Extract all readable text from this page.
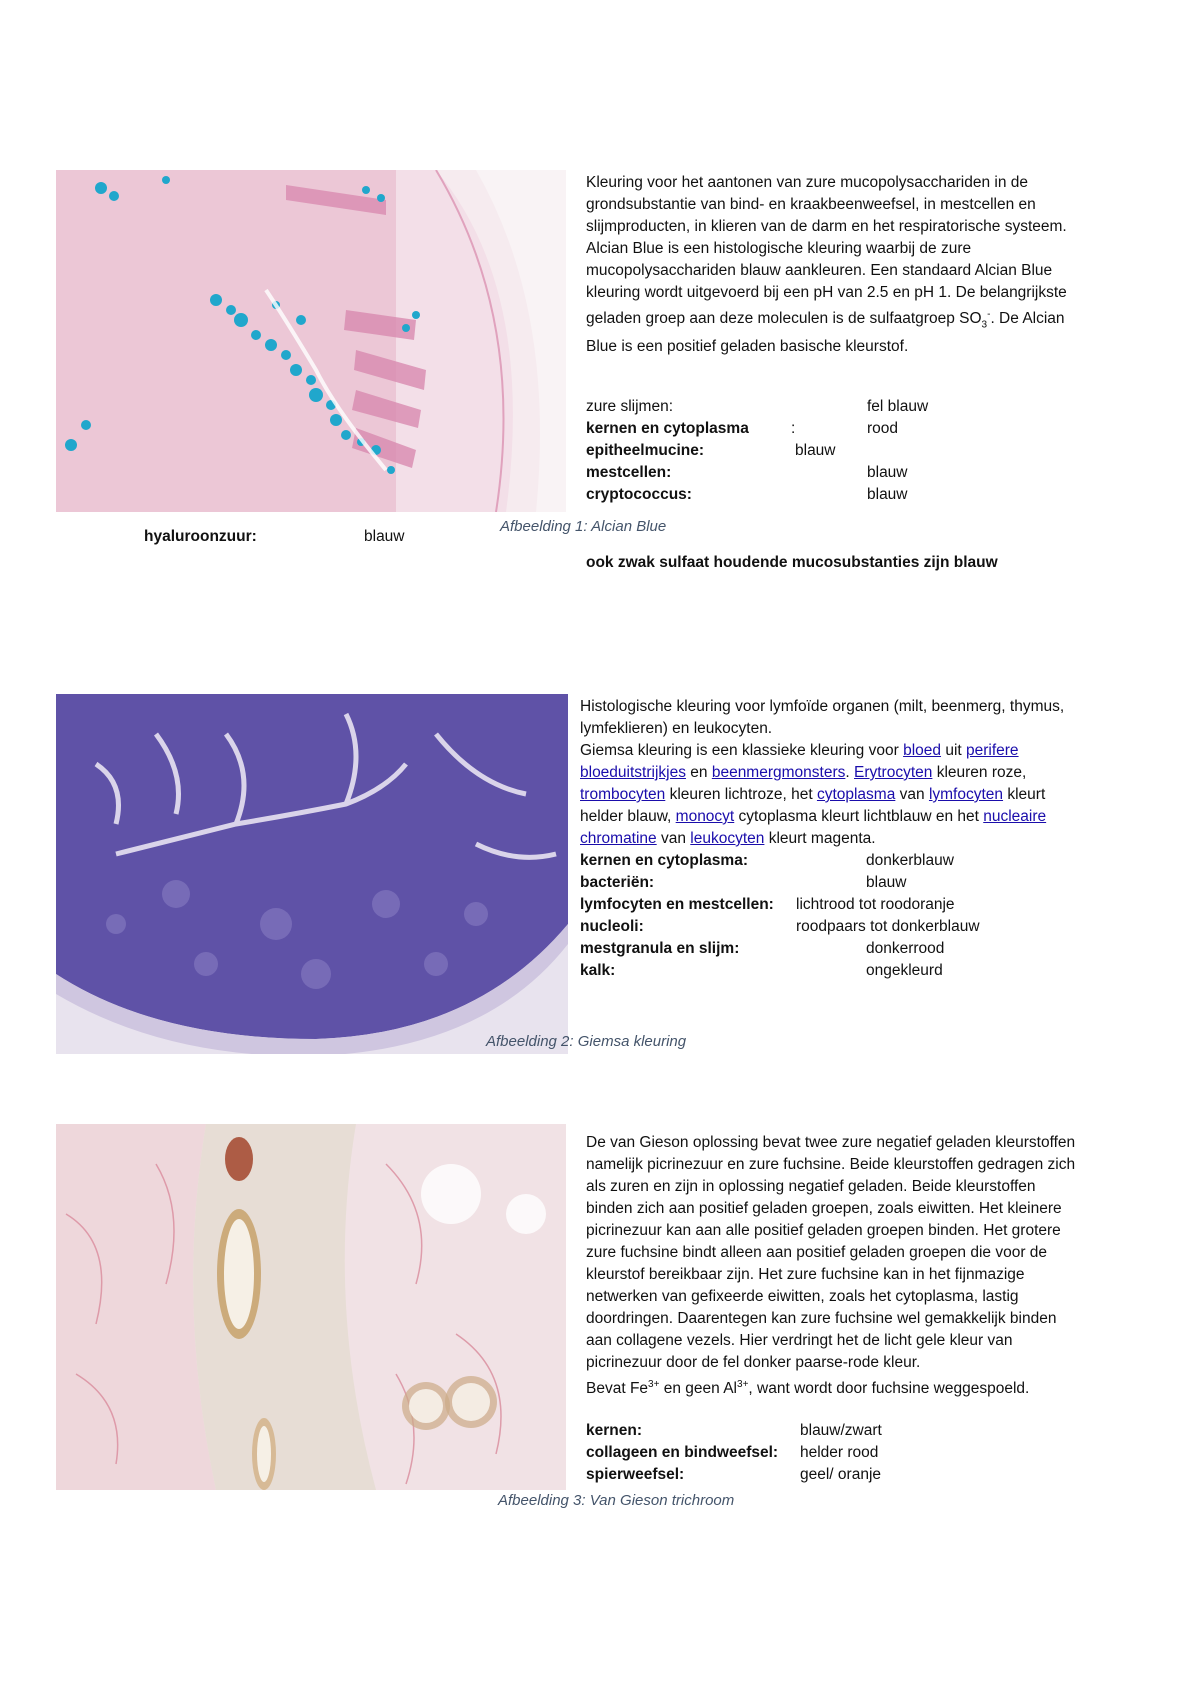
Kleuring voor het aantonen van zure mucopolysacchariden in de grondsubstantie van bind- en kraakbeenweefsel, in mestcellen en slijmproducten, in klieren van de darm en het respiratorische systeem. Alcian Blue is een histologische kleuring waarbij de zure mucopolysacchariden blauw aankleuren. Een standaard Alcian Blue kleuring wordt uitgevoerd bij een pH van 2.5 en pH 1. De belangrijkste geladen groep aan deze moleculen is de sulfaatgroep $SO_3^-$. De Alcian Blue is een positief geladen basische kleurstof.

zure slijmen:	fel blauw
kernen en cytoplasma	:	rood
epitheelmucine:	blauw
mestcellen:	blauw
cryptococcus:	blauw
Afbeelding 1: Alcian Blue
hyaluroonzuur:	blauw
ook zwak sulfaat houdende mucosubstanties zijn blauw

Histologische kleuring voor lymfoïde organen (milt, beenmerg, thymus, lymfeklieren) en leukocyten.

Giemsa kleuring is een klassieke kleuring voor bloed uit perifere bloeduitstrijkjes en beenmergmonsters. Erytrocyten kleuren roze, trombocyten kleuren lichtroze, het cytoplasma van lymfocyten kleurt helder blauw, monocyt cytoplasma kleurt lichtblauw en het nucleaire chromatine van leukocyten kleurt magenta.

kernen en cytoplasma:	donkerblauw
bacteriën:	blauw
lymfocyten en mestcellen: lichtrood tot roodoranje
nucleoli:	roodpaars tot donkerblauw
mestgranula en slijm:	donkerrood
kalk:	ongekleurd
Afbeelding 2: Giemsa kleuring

De van Gieson oplossing bevat twee zure negatief geladen kleurstoffen namelijk picrinezuur en zure fuchsine. Beide kleurstoffen gedragen zich als zuren en zijn in oplossing negatief geladen. Beide kleurstoffen binden zich aan positief geladen groepen, zoals eiwitten. Het kleinere picrinezuur kan aan alle positief geladen groepen binden. Het grotere zure fuchsine bindt alleen aan positief geladen groepen die voor de kleurstof bereikbaar zijn. Het zure fuchsine kan in het fijnmazige netwerken van gefixeerde eiwitten, zoals het cytoplasma, lastig doordringen. Daarentegen kan zure fuchsine wel gemakkelijk binden aan collagene vezels. Hier verdringt het de licht gele kleur van picrinezuur door de fel donker paarse-rode kleur.

Bevat $Fe^{3+}$ en geen $Al^{3+}$, want wordt door fuchsine weggespoeld.

kernen:	blauw/zwart
collageen en bindweefsel: helder rood
spierweefsel:	geel/ oranje
Afbeelding 3: Van Gieson trichroom
